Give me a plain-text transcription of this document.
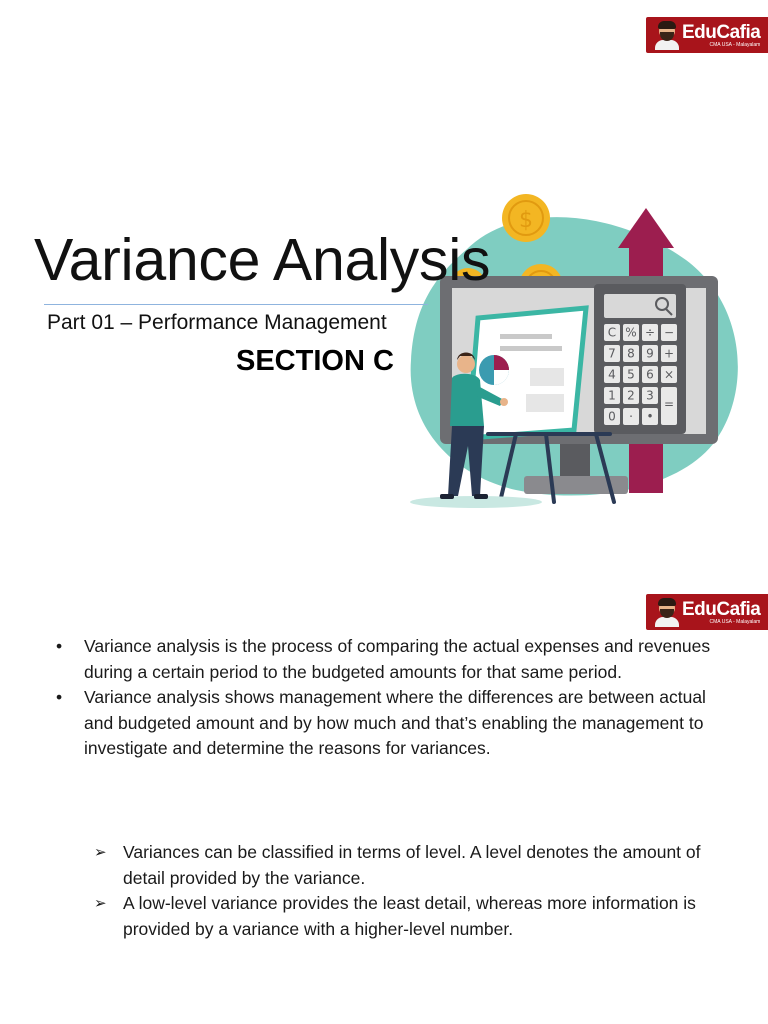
EduCafia
CMA USA - Malayalam
$
C % ÷ −
7 8 9 +
4 5 6 ×
1 2 3
=
0 · •
Variance Analysis
Part 01 – Performance Management
SECTION C
EduCafia
CMA USA - Malayalam
• Variance analysis is the process of comparing the actual expenses and revenues during a certain period to the budgeted amounts for that same period.
• Variance analysis shows management where the differences are between actual and budgeted amount and by how much and that’s enabling the management to investigate and determine the reasons for variances.
➢ Variances can be classified in terms of level. A level denotes the amount of detail provided by the variance.
➢ A low-level variance provides the least detail, whereas more information is provided by a variance with a higher-level number.
